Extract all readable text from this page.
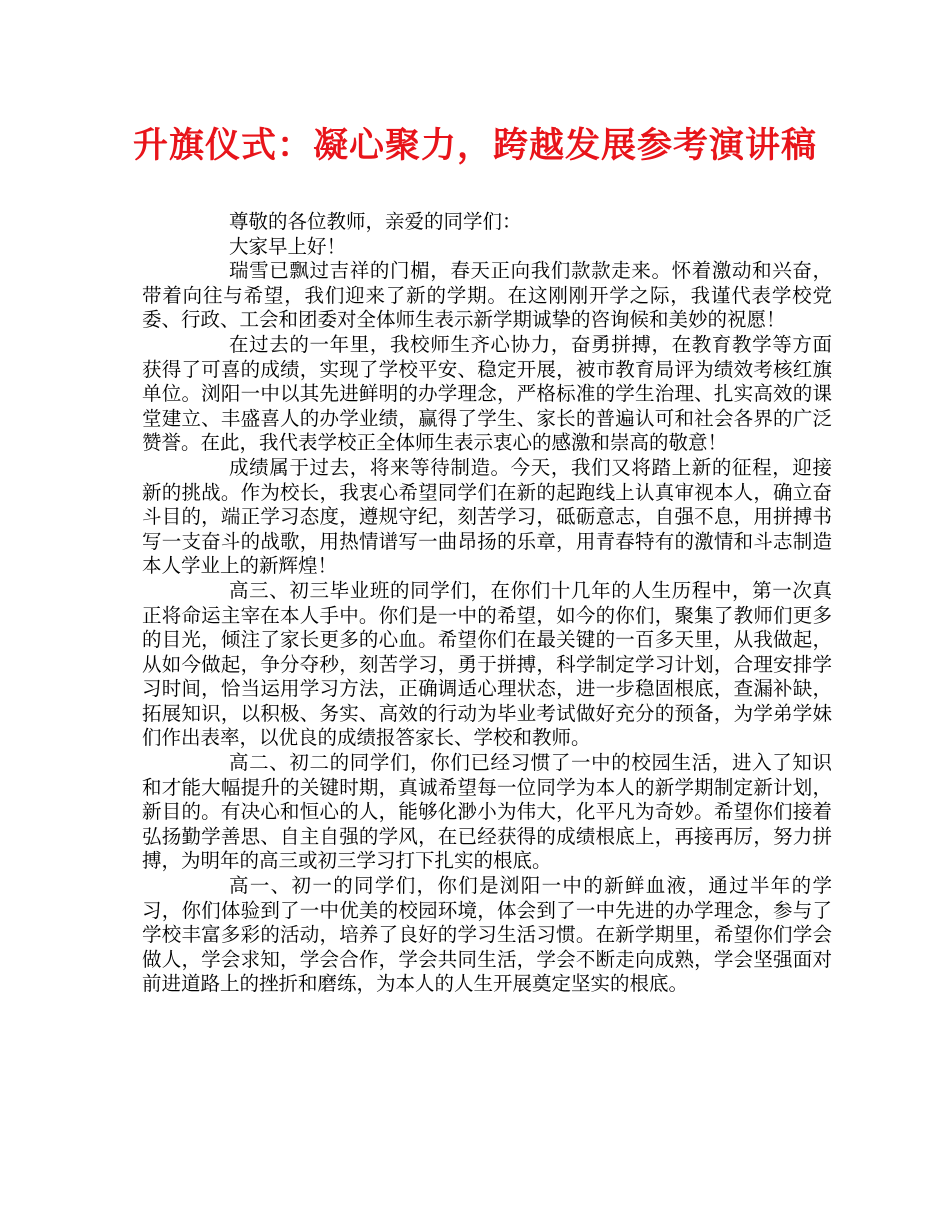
升旗仪式：凝心聚力，跨越发展参考演讲稿

尊敬的各位教师，亲爱的同学们：

大家早上好！

瑞雪已飘过吉祥的门楣，春天正向我们款款走来。怀着激动和兴奋，带着向往与希望，我们迎来了新的学期。在这刚刚开学之际，我谨代表学校党委、行政、工会和团委对全体师生表示新学期诚挚的咨询候和美妙的祝愿！

在过去的一年里，我校师生齐心协力，奋勇拼搏，在教育教学等方面获得了可喜的成绩，实现了学校平安、稳定开展，被市教育局评为绩效考核红旗单位。浏阳一中以其先进鲜明的办学理念，严格标准的学生治理、扎实高效的课堂建立、丰盛喜人的办学业绩，赢得了学生、家长的普遍认可和社会各界的广泛赞誉。在此，我代表学校正全体师生表示衷心的感激和崇高的敬意！

成绩属于过去，将来等待制造。今天，我们又将踏上新的征程，迎接新的挑战。作为校长，我衷心希望同学们在新的起跑线上认真审视本人，确立奋斗目的，端正学习态度，遵规守纪，刻苦学习，砥砺意志，自强不息，用拼搏书写一支奋斗的战歌，用热情谱写一曲昂扬的乐章，用青春特有的激情和斗志制造本人学业上的新辉煌！

高三、初三毕业班的同学们，在你们十几年的人生历程中，第一次真正将命运主宰在本人手中。你们是一中的希望，如今的你们，聚集了教师们更多的目光，倾注了家长更多的心血。希望你们在最关键的一百多天里，从我做起，从如今做起，争分夺秒，刻苦学习，勇于拼搏，科学制定学习计划，合理安排学习时间，恰当运用学习方法，正确调适心理状态，进一步稳固根底，查漏补缺，拓展知识，以积极、务实、高效的行动为毕业考试做好充分的预备，为学弟学妹们作出表率，以优良的成绩报答家长、学校和教师。

高二、初二的同学们，你们已经习惯了一中的校园生活，进入了知识和才能大幅提升的关键时期，真诚希望每一位同学为本人的新学期制定新计划，新目的。有决心和恒心的人，能够化渺小为伟大，化平凡为奇妙。希望你们接着弘扬勤学善思、自主自强的学风，在已经获得的成绩根底上，再接再厉，努力拼搏，为明年的高三或初三学习打下扎实的根底。

高一、初一的同学们，你们是浏阳一中的新鲜血液，通过半年的学习，你们体验到了一中优美的校园环境，体会到了一中先进的办学理念，参与了学校丰富多彩的活动，培养了良好的学习生活习惯。在新学期里，希望你们学会做人，学会求知，学会合作，学会共同生活，学会不断走向成熟，学会坚强面对前进道路上的挫折和磨练，为本人的人生开展奠定坚实的根底。
